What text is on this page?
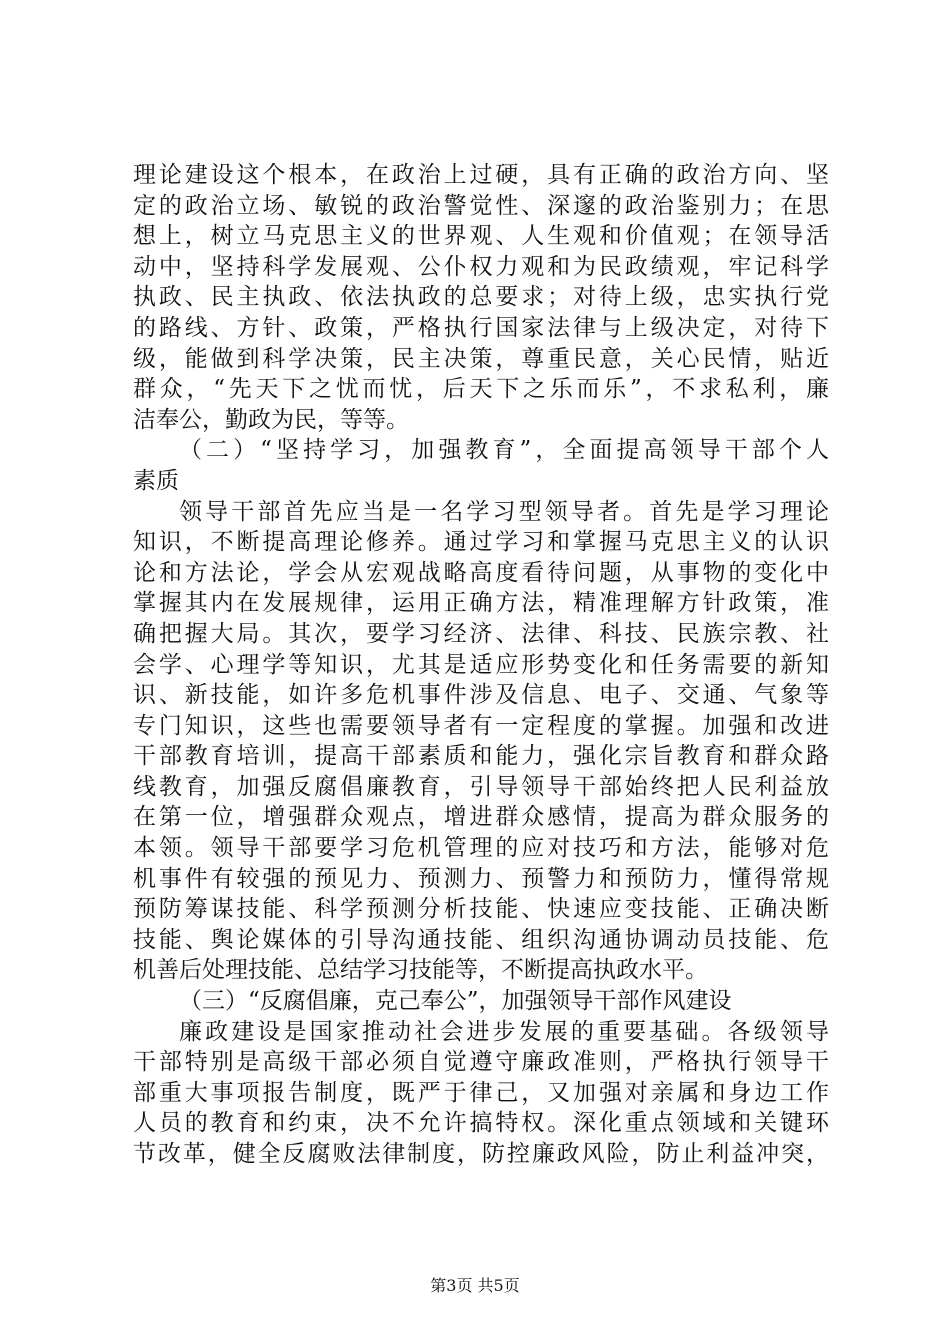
理论建设这个根本，在政治上过硬，具有正确的政治方向、坚
定的政治立场、敏锐的政治警觉性、深邃的政治鉴别力；在思
想上，树立马克思主义的世界观、人生观和价值观；在领导活
动中，坚持科学发展观、公仆权力观和为民政绩观，牢记科学
执政、民主执政、依法执政的总要求；对待上级，忠实执行党
的路线、方针、政策，严格执行国家法律与上级决定，对待下
级，能做到科学决策，民主决策，尊重民意，关心民情，贴近
群众，“先天下之忧而忧，后天下之乐而乐”，不求私利，廉
洁奉公，勤政为民，等等。
（二）“坚持学习，加强教育”，全面提高领导干部个人
素质
领导干部首先应当是一名学习型领导者。首先是学习理论
知识，不断提高理论修养。通过学习和掌握马克思主义的认识
论和方法论，学会从宏观战略高度看待问题，从事物的变化中
掌握其内在发展规律，运用正确方法，精准理解方针政策，准
确把握大局。其次，要学习经济、法律、科技、民族宗教、社
会学、心理学等知识，尤其是适应形势变化和任务需要的新知
识、新技能，如许多危机事件涉及信息、电子、交通、气象等
专门知识，这些也需要领导者有一定程度的掌握。加强和改进
干部教育培训，提高干部素质和能力，强化宗旨教育和群众路
线教育，加强反腐倡廉教育，引导领导干部始终把人民利益放
在第一位，增强群众观点，增进群众感情，提高为群众服务的
本领。领导干部要学习危机管理的应对技巧和方法，能够对危
机事件有较强的预见力、预测力、预警力和预防力，懂得常规
预防筹谋技能、科学预测分析技能、快速应变技能、正确决断
技能、舆论媒体的引导沟通技能、组织沟通协调动员技能、危
机善后处理技能、总结学习技能等，不断提高执政水平。
（三）“反腐倡廉，克己奉公”，加强领导干部作风建设
廉政建设是国家推动社会进步发展的重要基础。各级领导
干部特别是高级干部必须自觉遵守廉政准则，严格执行领导干
部重大事项报告制度，既严于律己，又加强对亲属和身边工作
人员的教育和约束，决不允许搞特权。深化重点领域和关键环
节改革，健全反腐败法律制度，防控廉政风险，防止利益冲突，
第3页 共5页
